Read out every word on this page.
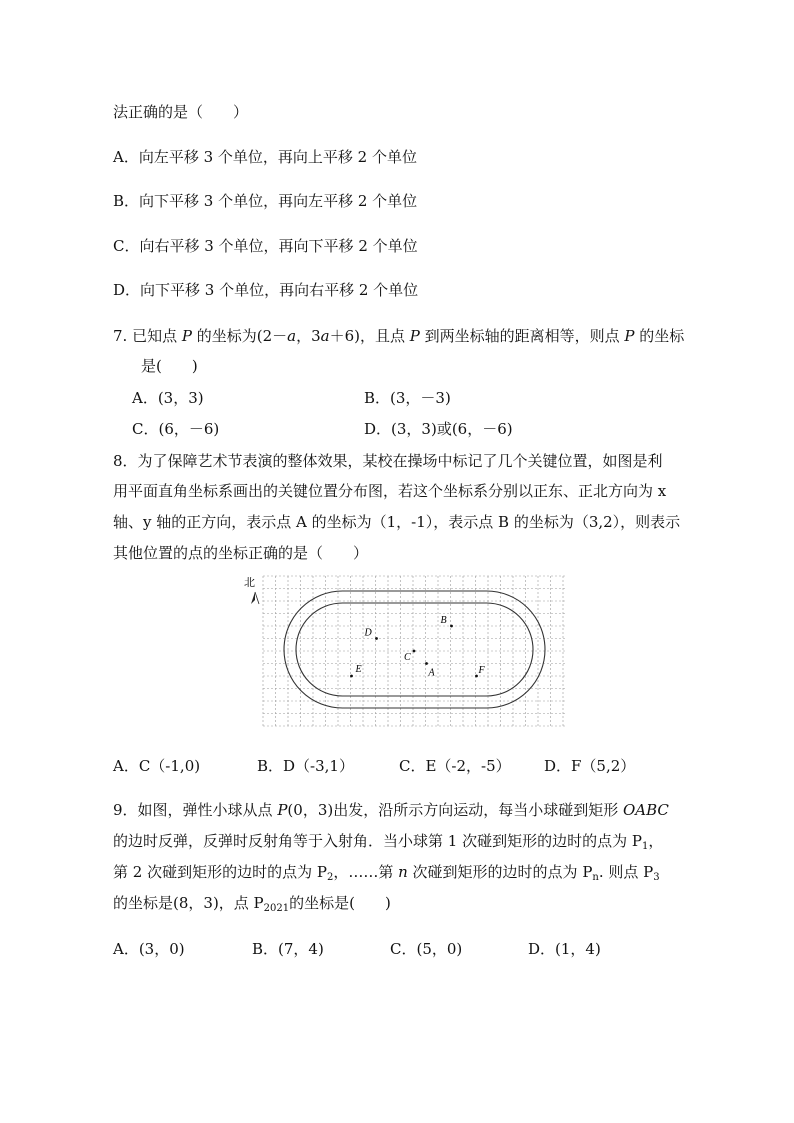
法正确的是（　　）
A．向左平移 3 个单位，再向上平移 2 个单位
B．向下平移 3 个单位，再向左平移 2 个单位
C．向右平移 3 个单位，再向下平移 2 个单位
D．向下平移 3 个单位，再向右平移 2 个单位
7. 已知点 P 的坐标为(2－a，3a＋6)，且点 P 到两坐标轴的距离相等，则点 P 的坐标
是(　　)
A．(3，3)	B．(3，－3)
C．(6，－6)	D．(3，3)或(6，－6)
8．为了保障艺术节表演的整体效果，某校在操场中标记了几个关键位置，如图是利
用平面直角坐标系画出的关键位置分布图，若这个坐标系分别以正东、正北方向为 x
轴、y 轴的正方向，表示点 A 的坐标为（1，-1），表示点 B 的坐标为（3,2），则表示
其他位置的点的坐标正确的是（　　）
北
A
B
C
D
E	F
A．C（-1,0)	B．D（-3,1）	C．E（-2，-5） D．F（5,2）
9．如图，弹性小球从点 P(0，3)出发，沿所示方向运动，每当小球碰到矩形 OABC
的边时反弹，反弹时反射角等于入射角．当小球第 1 次碰到矩形的边时的点为 $P_1$，
第 2 次碰到矩形的边时的点为 $P_2$，……第 n 次碰到矩形的边时的点为 $P_n$. 则点 $P_3$
的坐标是(8，3)，点 $P_{2021}$的坐标是(　　)
A．(3，0)	B．(7，4)	C．(5，0)	D．(1，4)
